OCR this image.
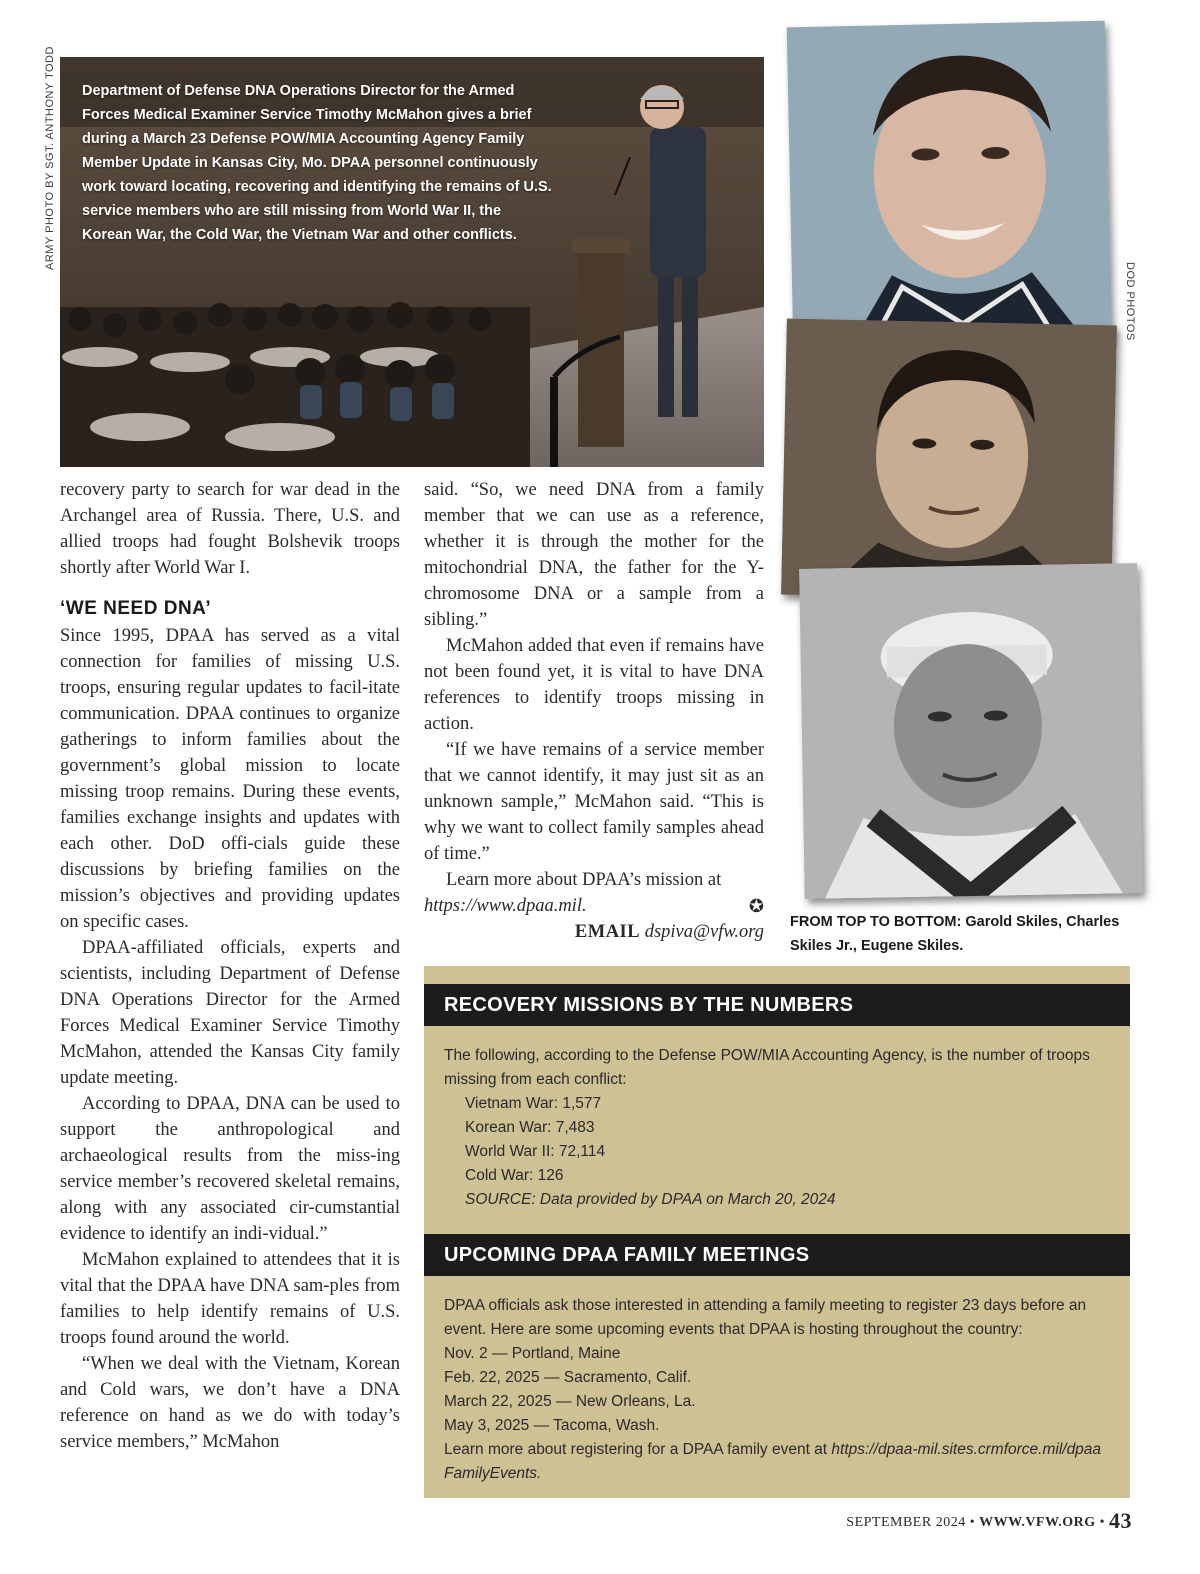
ARMY PHOTO BY SGT. ANTHONY TODD
DOD PHOTOS
Department of Defense DNA Operations Director for the Armed Forces Medical Examiner Service Timothy McMahon gives a brief during a March 23 Defense POW/MIA Accounting Agency Family Member Update in Kansas City, Mo. DPAA personnel continuously work toward locating, recovering and identifying the remains of U.S. service members who are still missing from World War II, the Korean War, the Cold War, the Vietnam War and other conflicts.

recovery party to search for war dead in the Archangel area of Russia. There, U.S. and allied troops had fought Bolshevik troops shortly after World War I.

‘WE NEED DNA’

Since 1995, DPAA has served as a vital connection for families of missing U.S. troops, ensuring regular updates to facil-itate communication. DPAA continues to organize gatherings to inform families about the government’s global mission to locate missing troop remains. During these events, families exchange insights and updates with each other. DoD offi-cials guide these discussions by briefing families on the mission’s objectives and providing updates on specific cases.

DPAA-affiliated officials, experts and scientists, including Department of Defense DNA Operations Director for the Armed Forces Medical Examiner Service Timothy McMahon, attended the Kansas City family update meeting.

According to DPAA, DNA can be used to support the anthropological and archaeological results from the miss-ing service member’s recovered skeletal remains, along with any associated cir-cumstantial evidence to identify an indi-vidual.”

McMahon explained to attendees that it is vital that the DPAA have DNA sam-ples from families to help identify remains of U.S. troops found around the world.

“When we deal with the Vietnam, Korean and Cold wars, we don’t have a DNA reference on hand as we do with today’s service members,” McMahon

said. “So, we need DNA from a family member that we can use as a reference, whether it is through the mother for the mitochondrial DNA, the father for the Y-chromosome DNA or a sample from a sibling.”

McMahon added that even if remains have not been found yet, it is vital to have DNA references to identify troops missing in action.

“If we have remains of a service member that we cannot identify, it may just sit as an unknown sample,” McMahon said. “This is why we want to collect family samples ahead of time.”

Learn more about DPAA’s mission at

https://www.dpaa.mil.	✪

EMAIL dspiva@vfw.org FROM TOP TO BOTTOM: Garold Skiles, Charles Skiles Jr., Eugene Skiles.
RECOVERY MISSIONS BY THE NUMBERS
The following, according to the Defense POW/MIA Accounting Agency, is the number of troops missing from each conflict:
Vietnam War: 1,577
Korean War: 7,483
World War II: 72,114
Cold War: 126
SOURCE: Data provided by DPAA on March 20, 2024
UPCOMING DPAA FAMILY MEETINGS
DPAA officials ask those interested in attending a family meeting to register 23 days before an event. Here are some upcoming events that DPAA is hosting throughout the country:
Nov. 2 — Portland, Maine
Feb. 22, 2025 — Sacramento, Calif.
March 22, 2025 — New Orleans, La.
May 3, 2025 — Tacoma, Wash.
Learn more about registering for a DPAA family event at https://dpaa-mil.sites.crmforce.mil/dpaaFamilyEvents.
SEPTEMBER 2024 • WWW.VFW.ORG • 43
